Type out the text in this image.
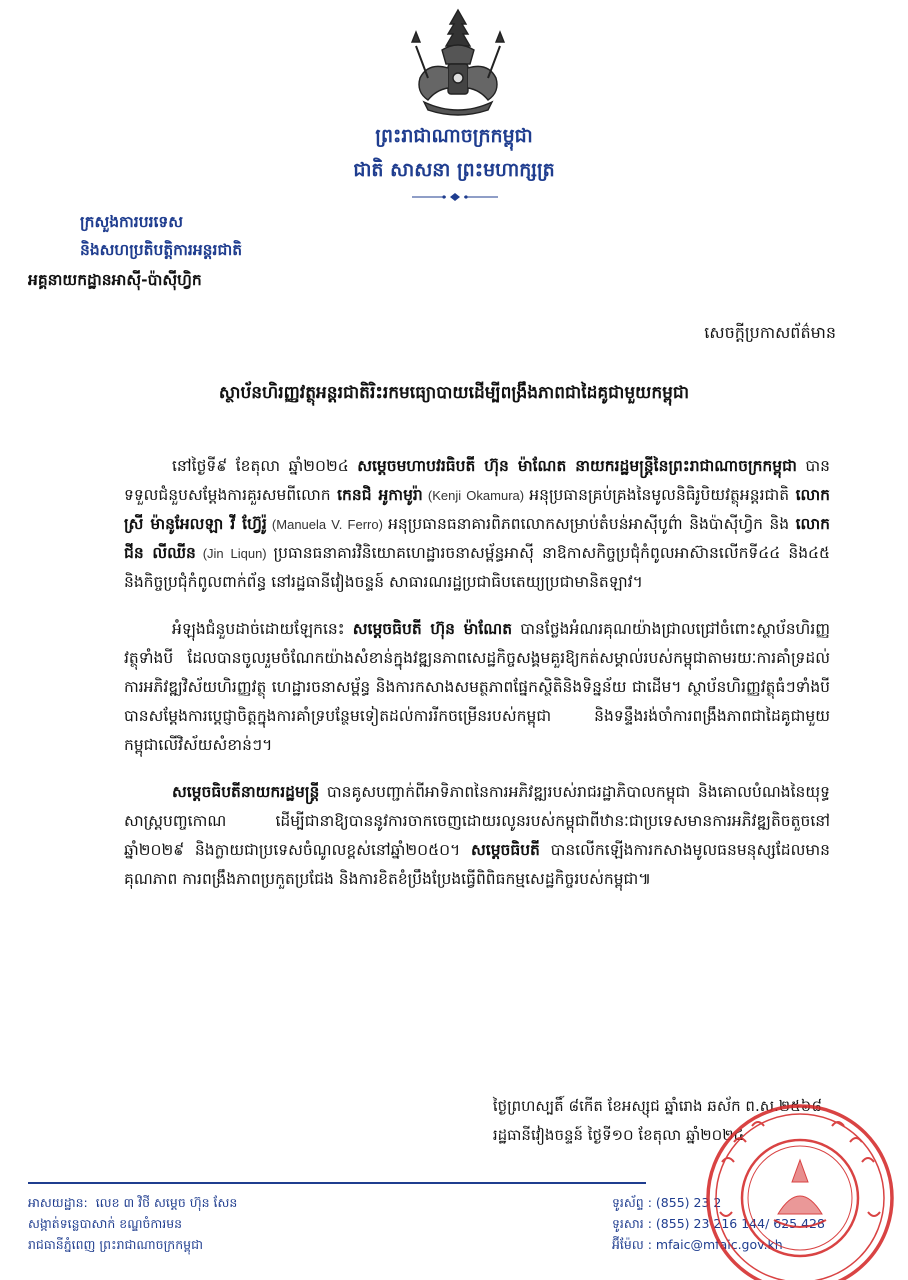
ព្រះរាជាណាចក្រកម្ពុជា
ជាតិ សាសនា ព្រះមហាក្សត្រ
ក្រសួងការបរទេស
និងសហប្រតិបត្តិការអន្តរជាតិ
អគ្គនាយកដ្ឋានអាស៊ី-ប៉ាស៊ីហ្វិក
សេចក្តីប្រកាសព័ត៌មាន
ស្ថាប័នហិរញ្ញវត្ថុអន្តរជាតិរិះរកមធ្យោបាយដើម្បីពង្រឹងភាពជាដៃគូជាមួយកម្ពុជា

នៅថ្ងៃទី៩ ខែតុលា ឆ្នាំ២០២៤ សម្តេចមហាបវរធិបតី ហ៊ុន ម៉ាណែត នាយករដ្ឋមន្ត្រីនៃព្រះរាជាណាចក្រកម្ពុជា បានទទួលជំនួបសម្តែងការគួរសមពីលោក កេនជិ អូកាមូរ៉ា (Kenji Okamura) អនុប្រធានគ្រប់គ្រងនៃមូលនិធិរូបិយវត្ថុអន្តរជាតិ លោកស្រី ម៉ានូអែលឡា វី ហ្វ៊ែរ៉ូ (Manuela V. Ferro) អនុប្រធានធនាគារពិភពលោកសម្រាប់តំបន់អាស៊ីបូព៌ា និងប៉ាស៊ីហ្វិក និង លោក ជីន លីឈីន (Jin Liqun) ប្រធានធនាគារវិនិយោគហេដ្ឋារចនាសម្ព័ន្ធអាស៊ី នាឱកាសកិច្ចប្រជុំកំពូលអាស៊ានលើកទី៤៤ និង៤៥ និងកិច្ចប្រជុំកំពូលពាក់ព័ន្ធ នៅរដ្ឋធានីវៀងចន្ទន៍ សាធារណរដ្ឋប្រជាធិបតេយ្យប្រជាមានិតឡាវ។

អំឡុងជំនួបដាច់ដោយឡែកនេះ សម្តេចធិបតី ហ៊ុន ម៉ាណែត បានថ្លែងអំណរគុណយ៉ាងជ្រាលជ្រៅចំពោះស្ថាប័នហិរញ្ញវត្ថុទាំងបី ដែលបានចូលរួមចំណែកយ៉ាងសំខាន់ក្នុងវឌ្ឍនភាពសេដ្ឋកិច្ចសង្គមគួរឱ្យកត់សម្គាល់របស់កម្ពុជាតាមរយៈការគាំទ្រដល់ការអភិវឌ្ឍវិស័យហិរញ្ញវត្ថុ ហេដ្ឋារចនាសម្ព័ន្ធ និងការកសាងសមត្ថភាពផ្នែកស្ថិតិនិងទិន្នន័យ ជាដើម។ ស្ថាប័នហិរញ្ញវត្ថុធំៗទាំងបីបានសម្តែងការប្តេជ្ញាចិត្តក្នុងការគាំទ្របន្ថែមទៀតដល់ការរីកចម្រើនរបស់កម្ពុជា និងទន្ទឹងរង់ចាំការពង្រឹងភាពជាដៃគូជាមួយកម្ពុជាលើវិស័យសំខាន់ៗ។

សម្តេចធិបតីនាយករដ្ឋមន្ត្រី បានគូសបញ្ជាក់ពីអាទិភាពនៃការអភិវឌ្ឍរបស់រាជរដ្ឋាភិបាលកម្ពុជា និងគោលបំណងនៃយុទ្ធសាស្ត្របញ្ចកោណ ដើម្បីជានាឱ្យបាននូវការចាកចេញដោយរលូនរបស់កម្ពុជាពីឋានៈជាប្រទេសមានការអភិវឌ្ឍតិចតួចនៅឆ្នាំ២០២៩ និងក្លាយជាប្រទេសចំណូលខ្ពស់នៅឆ្នាំ២០៥០។ សម្តេចធិបតី បានលើកឡើងការកសាងមូលធនមនុស្សដែលមានគុណភាព ការពង្រឹងភាពប្រកួតប្រជែង និងការខិតខំប្រឹងប្រែងធ្វើពិពិធកម្មសេដ្ឋកិច្ចរបស់កម្ពុជា៕

ថ្ងៃព្រហស្បតិ៍ ៨កើត ខែអស្សុជ ឆ្នាំរោង ឆស័ក ព.ស.២៥៦៨
រដ្ឋធានីវៀងចន្ទន៍ ថ្ងៃទី១០ ខែតុលា ឆ្នាំ២០២៤
អាសយដ្ឋាន: លេខ ៣ វិថី សម្តេច ហ៊ុន សែន
សង្កាត់ទន្លេបាសាក់ ខណ្ឌចំការមន
រាជធានីភ្នំពេញ ព្រះរាជាណាចក្រកម្ពុជា
ទូរស័ព្ទ : (855) 23 2
ទូរសារ : (855) 23 216 144/ 625 428
អ៊ីម៉ែល : mfaic@mfaic.gov.kh
